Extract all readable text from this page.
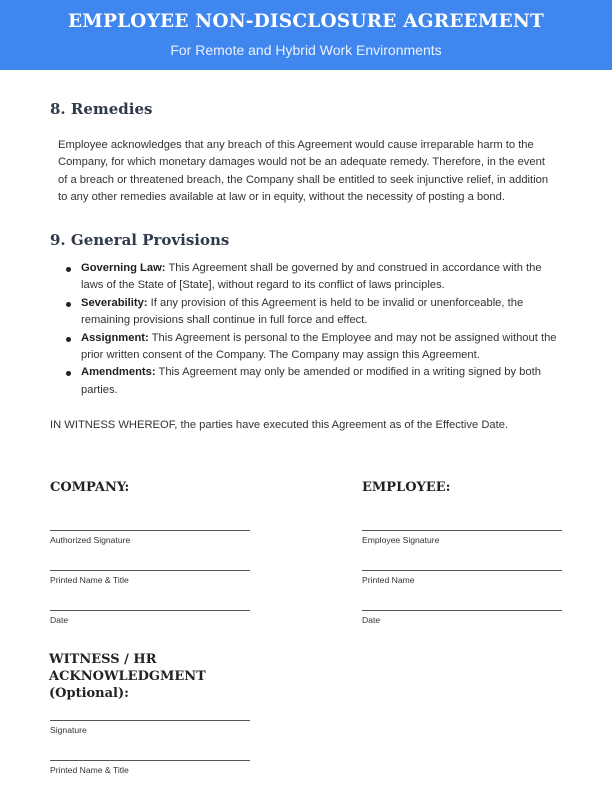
EMPLOYEE NON-DISCLOSURE AGREEMENT
For Remote and Hybrid Work Environments
8. Remedies
Employee acknowledges that any breach of this Agreement would cause irreparable harm to the Company, for which monetary damages would not be an adequate remedy. Therefore, in the event of a breach or threatened breach, the Company shall be entitled to seek injunctive relief, in addition to any other remedies available at law or in equity, without the necessity of posting a bond.
9. General Provisions
Governing Law: This Agreement shall be governed by and construed in accordance with the laws of the State of [State], without regard to its conflict of laws principles.
Severability: If any provision of this Agreement is held to be invalid or unenforceable, the remaining provisions shall continue in full force and effect.
Assignment: This Agreement is personal to the Employee and may not be assigned without the prior written consent of the Company. The Company may assign this Agreement.
Amendments: This Agreement may only be amended or modified in a writing signed by both parties.
IN WITNESS WHEREOF, the parties have executed this Agreement as of the Effective Date.
COMPANY:
Authorized Signature
Printed Name & Title
Date
EMPLOYEE:
Employee Signature
Printed Name
Date
WITNESS / HR ACKNOWLEDGMENT (Optional):
Signature
Printed Name & Title
